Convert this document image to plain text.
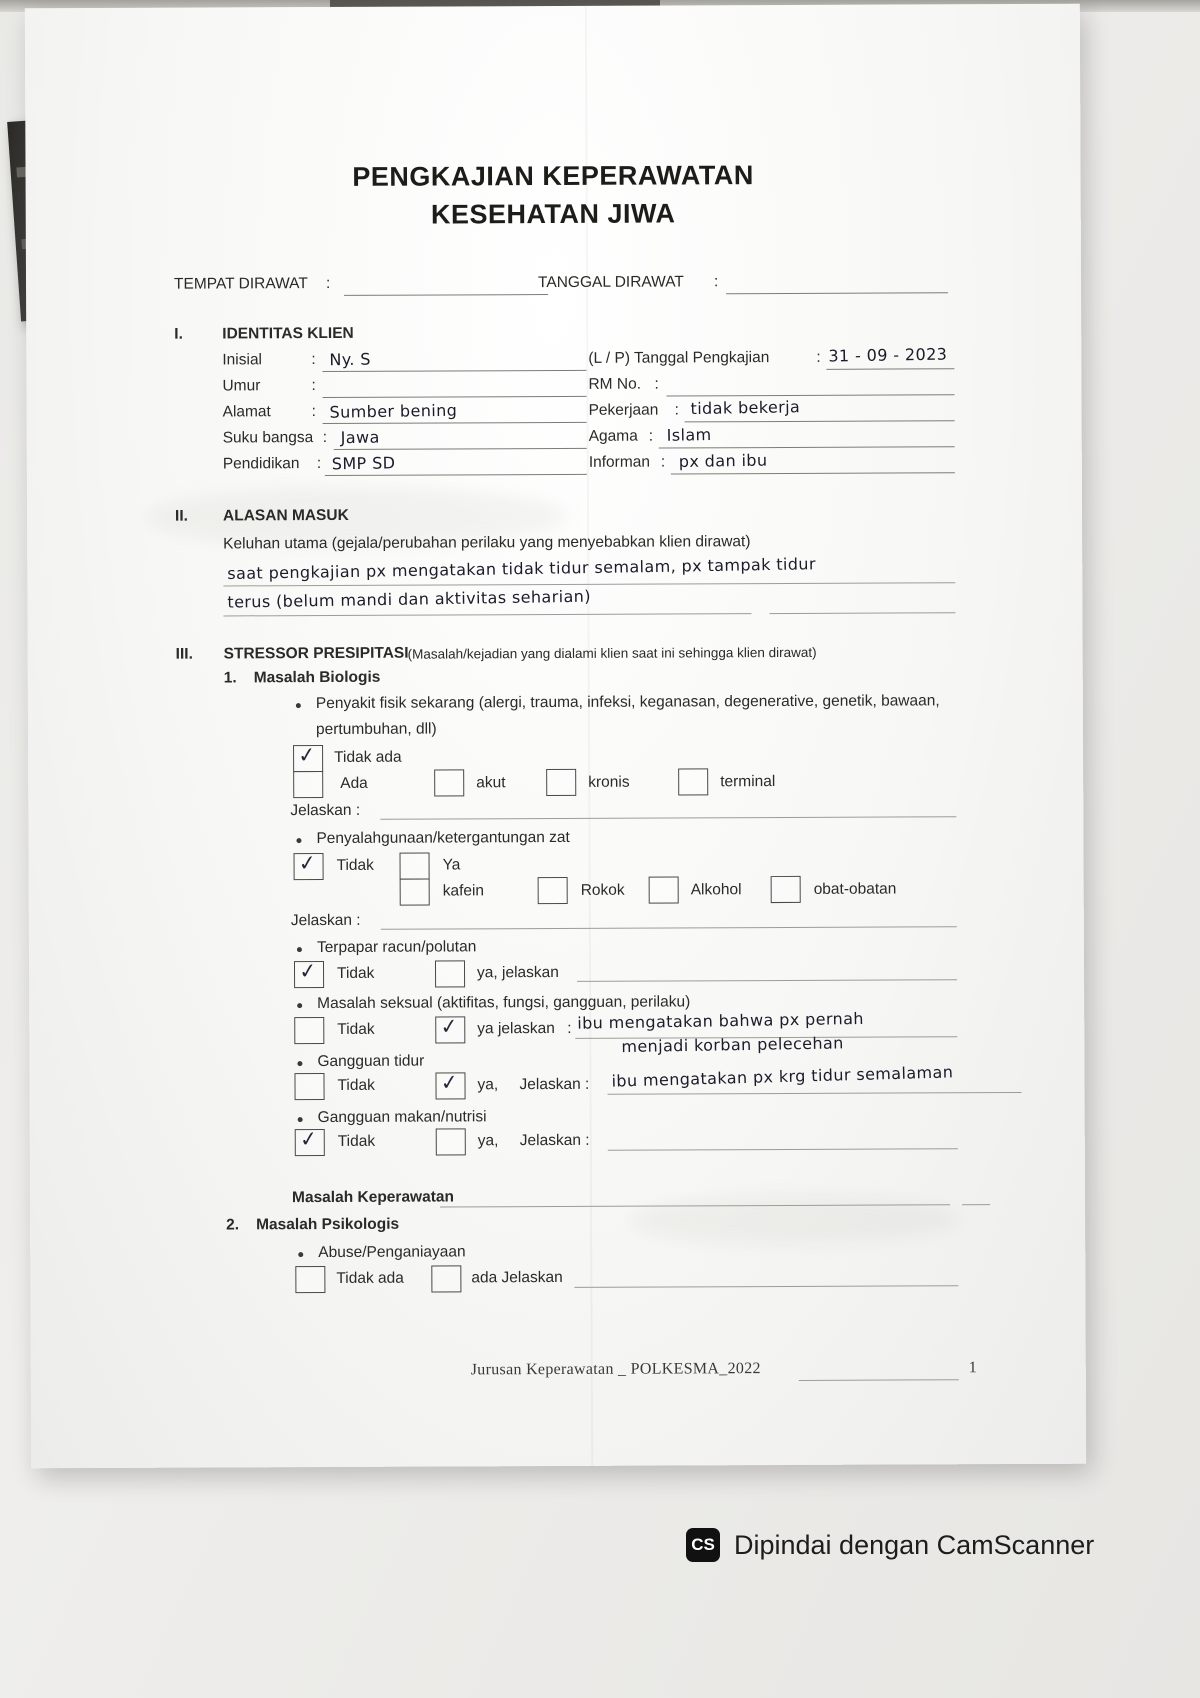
PENGKAJIAN KEPERAWATAN
KESEHATAN JIWA
TEMPAT DIRAWAT :	TANGGAL DIRAWAT :
I.	IDENTITAS KLIEN
Inisial	: Ny. S
Umur	:
Alamat	: Sumber bening
Suku bangsa : Jawa
Pendidikan : SMP SD
(L / P) Tanggal Pengkajian	: 31 - 09 - 2023
RM No. :
Pekerjaan : tidak bekerja
Agama : Islam
Informan : px dan ibu
II. ALASAN MASUK
Keluhan utama (gejala/perubahan perilaku yang menyebabkan klien dirawat)
saat pengkajian px mengatakan tidak tidur semalam, px tampak tidur
terus (belum mandi dan aktivitas seharian)
III. STRESSOR PRESIPITASI (Masalah/kejadian yang dialami klien saat ini sehingga klien dirawat)
1. Masalah Biologis
Penyakit fisik sekarang (alergi, trauma, infeksi, keganasan, degenerative, genetik, bawaan,
pertumbuhan, dll)
✓ Tidak ada
Ada	akut	kronis	terminal
Jelaskan :
Penyalahgunaan/ketergantungan zat
✓ Tidak	Ya
kafein	Rokok	Alkohol	obat-obatan
Jelaskan :
Terpapar racun/polutan
✓ Tidak	ya, jelaskan
Masalah seksual (aktifitas, fungsi, gangguan, perilaku)
Tidak	✓ ya jelaskan : ibu mengatakan bahwa px pernah
menjadi korban pelecehan
Gangguan tidur
Tidak	✓ ya, Jelaskan : ibu mengatakan px krg tidur semalaman
Gangguan makan/nutrisi
✓ Tidak	ya, Jelaskan :
Masalah Keperawatan
2. Masalah Psikologis
Abuse/Penganiayaan
Tidak ada	ada Jelaskan
Jurusan Keperawatan _ POLKESMA_2022	1
CS Dipindai dengan CamScanner
